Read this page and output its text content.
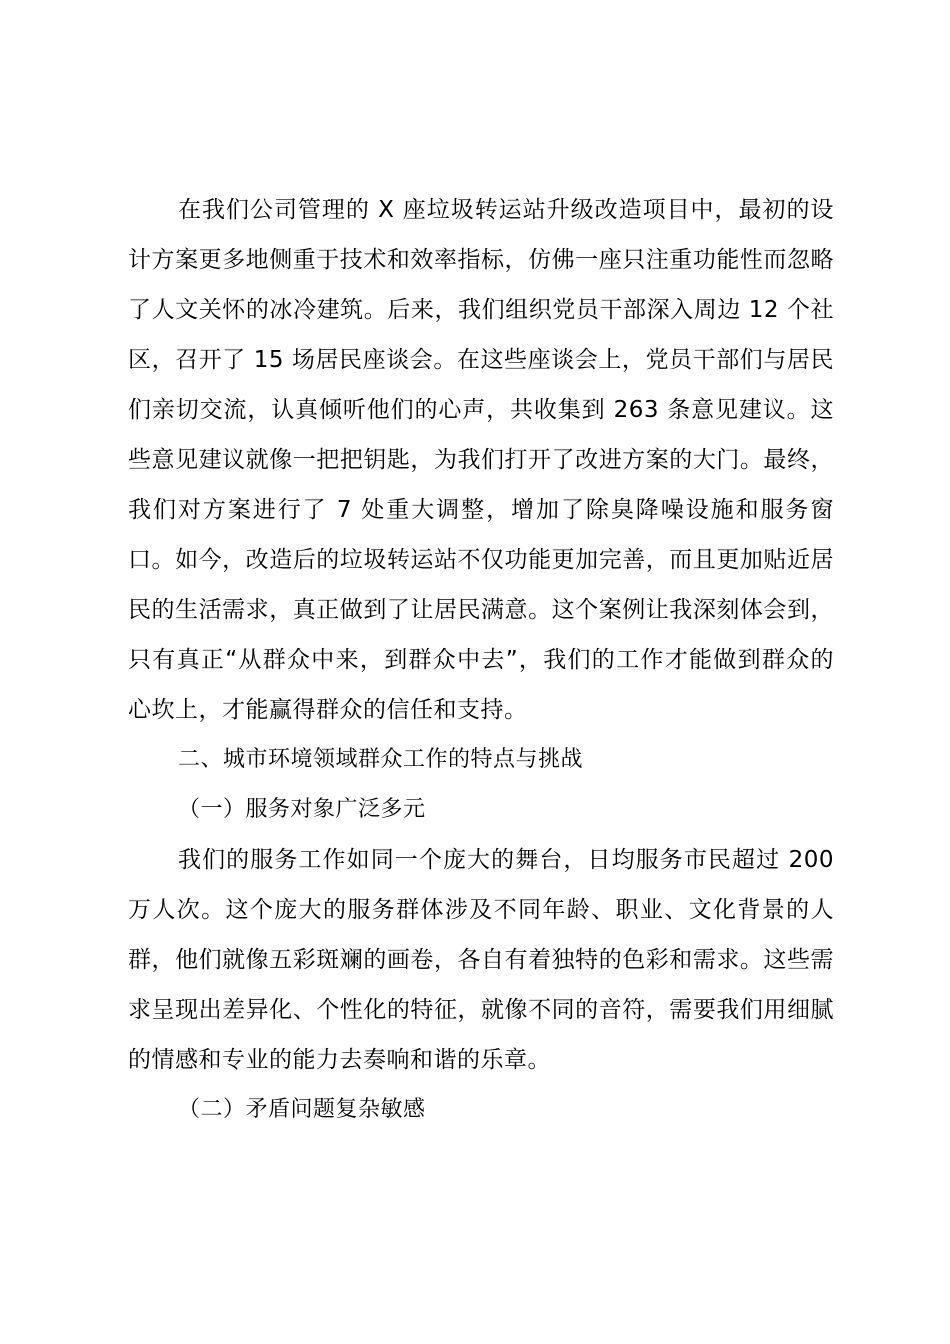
在我们公司管理的 X 座垃圾转运站升级改造项目中，最初的设计方案更多地侧重于技术和效率指标，仿佛一座只注重功能性而忽略了人文关怀的冰冷建筑。后来，我们组织党员干部深入周边 12 个社区，召开了 15 场居民座谈会。在这些座谈会上，党员干部们与居民们亲切交流，认真倾听他们的心声，共收集到 263 条意见建议。这些意见建议就像一把把钥匙，为我们打开了改进方案的大门。最终，我们对方案进行了 7 处重大调整，增加了除臭降噪设施和服务窗口。如今，改造后的垃圾转运站不仅功能更加完善，而且更加贴近居民的生活需求，真正做到了让居民满意。这个案例让我深刻体会到，只有真正“从群众中来，到群众中去”，我们的工作才能做到群众的心坎上，才能赢得群众的信任和支持。

二、城市环境领域群众工作的特点与挑战

（一）服务对象广泛多元

我们的服务工作如同一个庞大的舞台，日均服务市民超过 200 万人次。这个庞大的服务群体涉及不同年龄、职业、文化背景的人群，他们就像五彩斑斓的画卷，各自有着独特的色彩和需求。这些需求呈现出差异化、个性化的特征，就像不同的音符，需要我们用细腻的情感和专业的能力去奏响和谐的乐章。

（二）矛盾问题复杂敏感
